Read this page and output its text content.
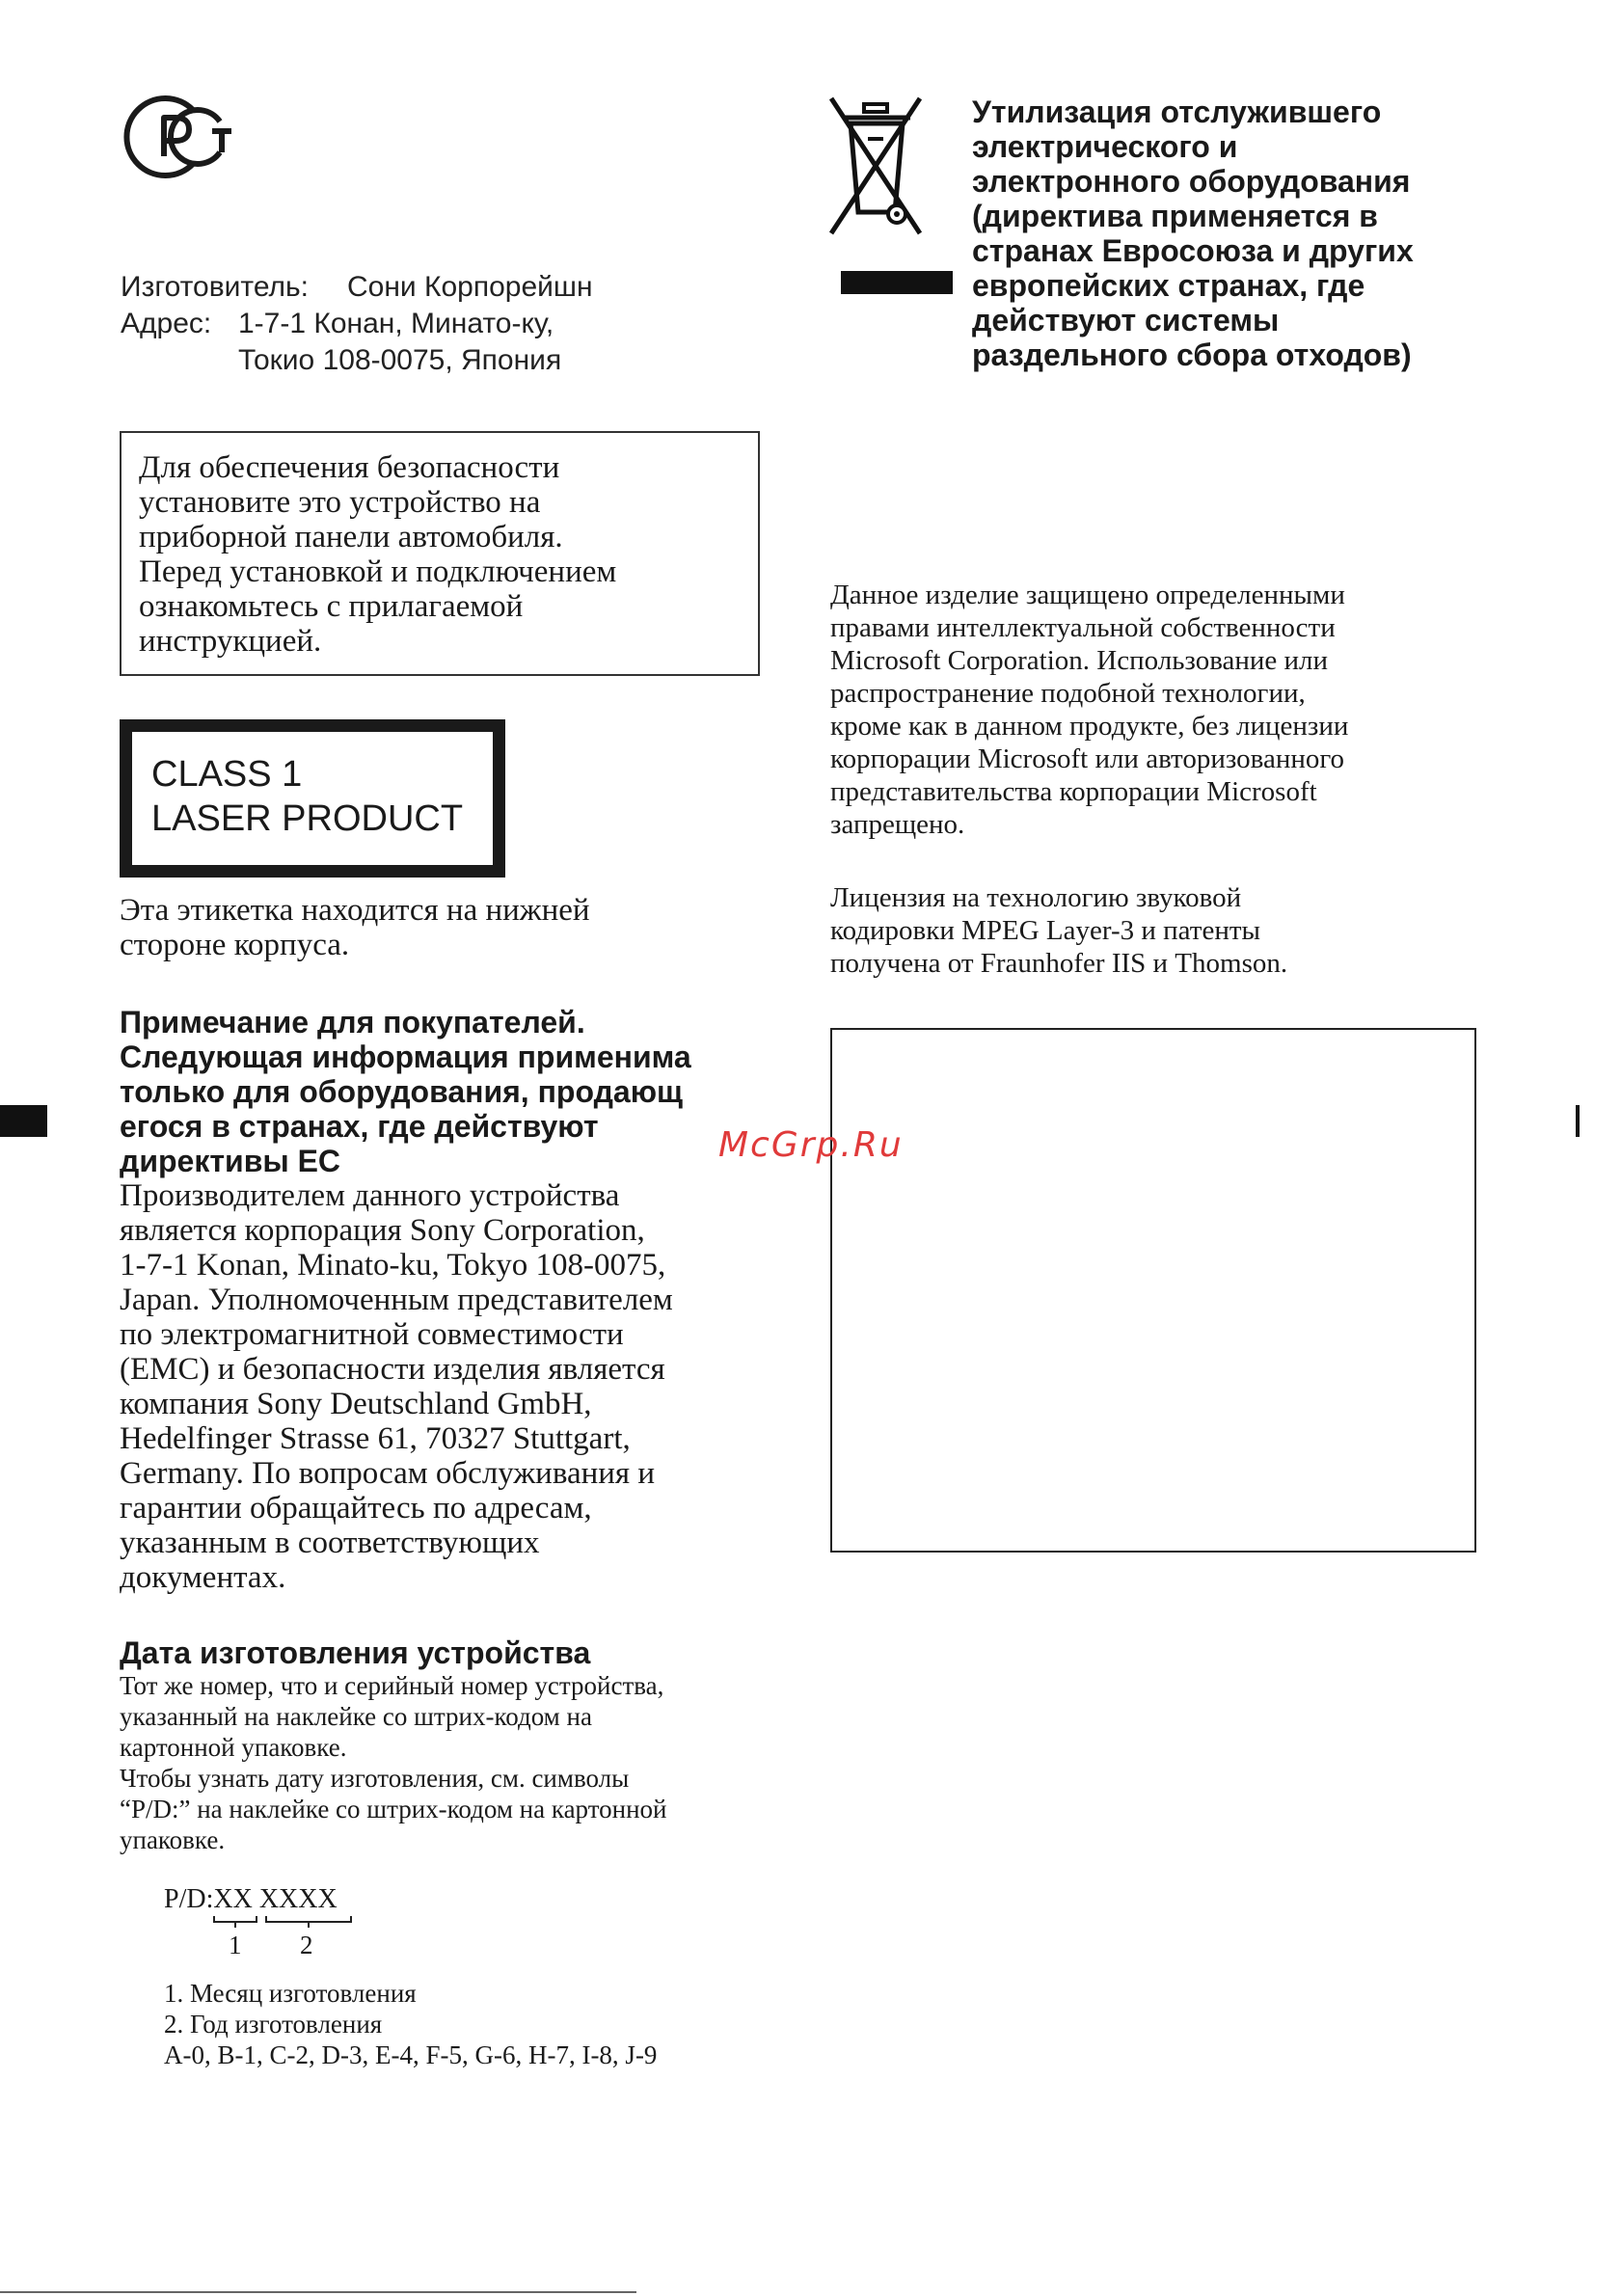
Изготовитель: Сони Корпорейшн
Адрес: 1-7-1 Конан, Минато-ку,
Токио 108-0075, Япония
Для обеспечения безопасности
установите это устройство на
приборной панели автомобиля.
Перед установкой и подключением
ознакомьтесь с прилагаемой
инструкцией.
CLASS 1
LASER PRODUCT
Эта этикетка находится на нижней
стороне корпуса.
Примечание для покупателей.
Следующая информация применима
только для оборудования, продающ
егося в странах, где действуют
директивы ЕС
Производителем данного устройства
является корпорация Sony Corporation,
1-7-1 Konan, Minato-ku, Tokyo 108-0075,
Japan. Уполномоченным представителем
по электромагнитной совместимости
(EMC) и безопасности изделия является
компания Sony Deutschland GmbH,
Hedelfinger Strasse 61, 70327 Stuttgart,
Germany. По вопросам обслуживания и
гарантии обращайтесь по адресам,
указанным в соответствующих
документах.
Дата изготовления устройства
Тот же номер, что и серийный номер устройства,
указанный на наклейке со штрих-кодом на
картонной упаковке.
Чтобы узнать дату изготовления, см. символы
“P/D:” на наклейке со штрих-кодом на картонной
упаковке.
P/D:XX XXXX
1 2
1. Месяц изготовления
2. Год изготовления
A-0, B-1, C-2, D-3, E-4, F-5, G-6, H-7, I-8, J-9
Утилизация отслужившего
электрического и
электронного оборудования
(директива применяется в
странах Евросоюза и других
европейских странах, где
действуют системы
раздельного сбора отходов)
Данное изделие защищено определенными
правами интеллектуальной собственности
Microsoft Corporation. Использование или
распространение подобной технологии,
кроме как в данном продукте, без лицензии
корпорации Microsoft или авторизованного
представительства корпорации Microsoft
запрещено.
Лицензия на технологию звуковой
кодировки MPEG Layer-3 и патенты
получена от Fraunhofer IIS и Thomson.
McGrp.Ru
